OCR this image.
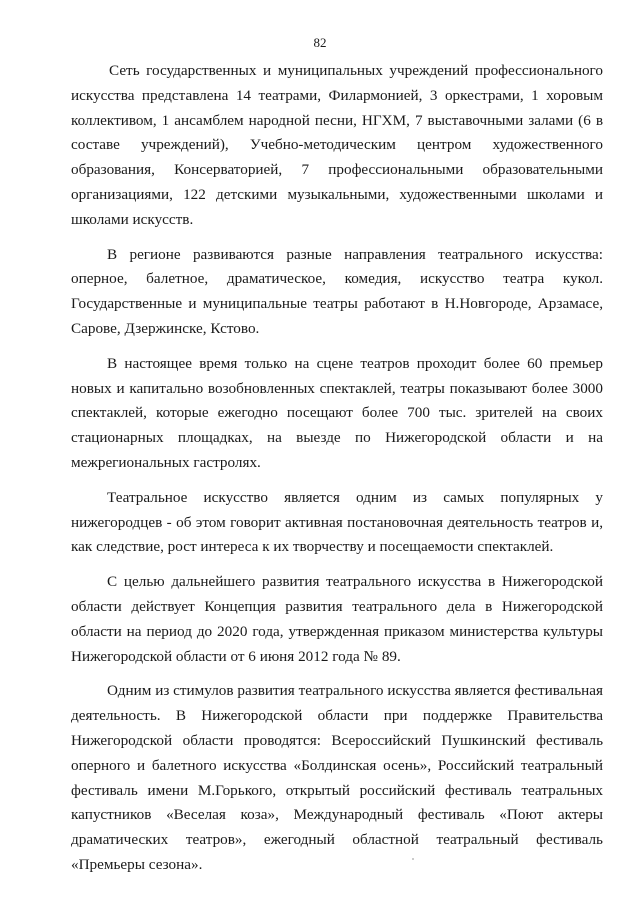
82

Сеть государственных и муниципальных учреждений профессионального искусства представлена 14 театрами, Филармонией, 3 оркестрами, 1 хоровым коллективом, 1 ансамблем народной песни, НГХМ, 7 выставочными залами (6 в составе учреждений), Учебно-методическим центром художественного образования, Консерваторией, 7 профессиональными образовательными организациями, 122 детскими музыкальными, художественными школами и школами искусств.

В регионе развиваются разные направления театрального искусства: оперное, балетное, драматическое, комедия, искусство театра кукол. Государственные и муниципальные театры работают в Н.Новгороде, Арзамасе, Сарове, Дзержинске, Кстово.

В настоящее время только на сцене театров проходит более 60 премьер новых и капитально возобновленных спектаклей, театры показывают более 3000 спектаклей, которые ежегодно посещают более 700 тыс. зрителей на своих стационарных площадках, на выезде по Нижегородской области и на межрегиональных гастролях.

Театральное искусство является одним из самых популярных у нижегородцев - об этом говорит активная постановочная деятельность театров и, как следствие, рост интереса к их творчеству и посещаемости спектаклей.

С целью дальнейшего развития театрального искусства в Нижегородской области действует Концепция развития театрального дела в Нижегородской области на период до 2020 года, утвержденная приказом министерства культуры Нижегородской области от 6 июня 2012 года № 89.

Одним из стимулов развития театрального искусства является фестивальная деятельность. В Нижегородской области при поддержке Правительства Нижегородской области проводятся: Всероссийский Пушкинский фестиваль оперного и балетного искусства «Болдинская осень», Российский театральный фестиваль имени М.Горького, открытый российский фестиваль театральных капустников «Веселая коза», Международный фестиваль «Поют актеры драматических театров», ежегодный областной театральный фестиваль «Премьеры сезона».
